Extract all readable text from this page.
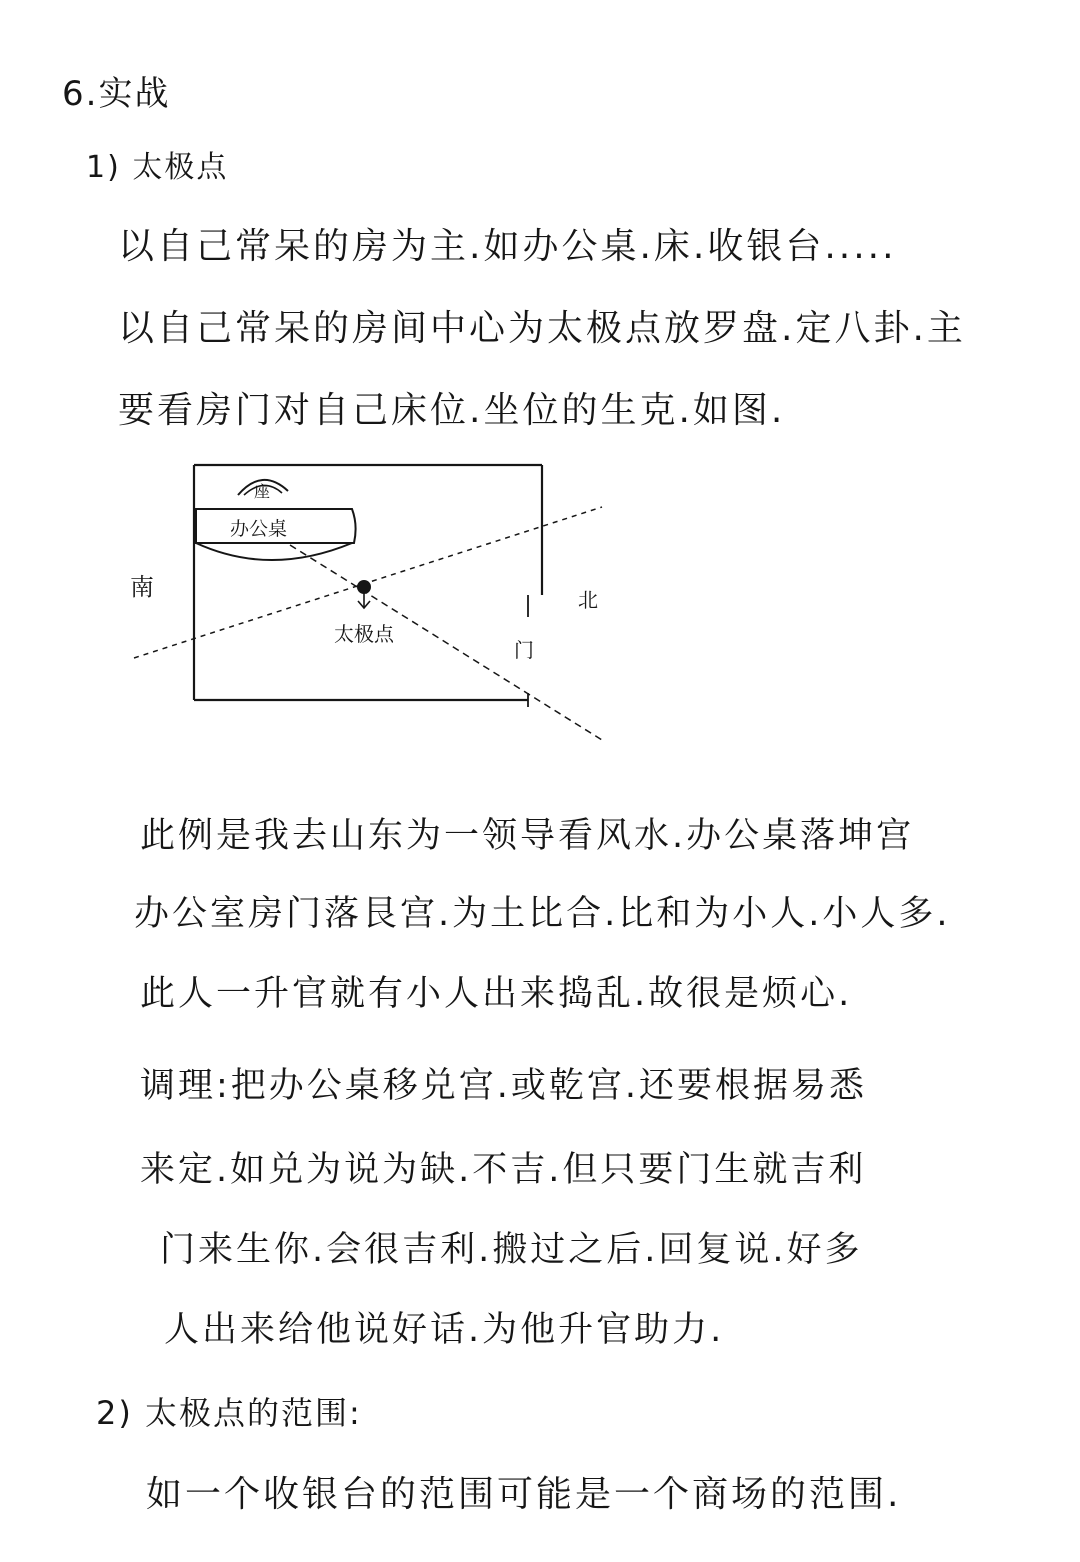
6.实战
1) 太极点
以自己常呆的房为主.如办公桌.床.收银台.....
以自己常呆的房间中心为太极点放罗盘.定八卦.主
要看房门对自己床位.坐位的生克.如图.
座
办公桌
太极点
南	北
门
此例是我去山东为一领导看风水.办公桌落坤宫
办公室房门落艮宫.为土比合.比和为小人.小人多.
此人一升官就有小人出来捣乱.故很是烦心.
调理:把办公桌移兑宫.或乾宫.还要根据易悉
来定.如兑为说为缺.不吉.但只要门生就吉利
门来生你.会很吉利.搬过之后.回复说.好多
人出来给他说好话.为他升官助力.
2) 太极点的范围:
如一个收银台的范围可能是一个商场的范围.
